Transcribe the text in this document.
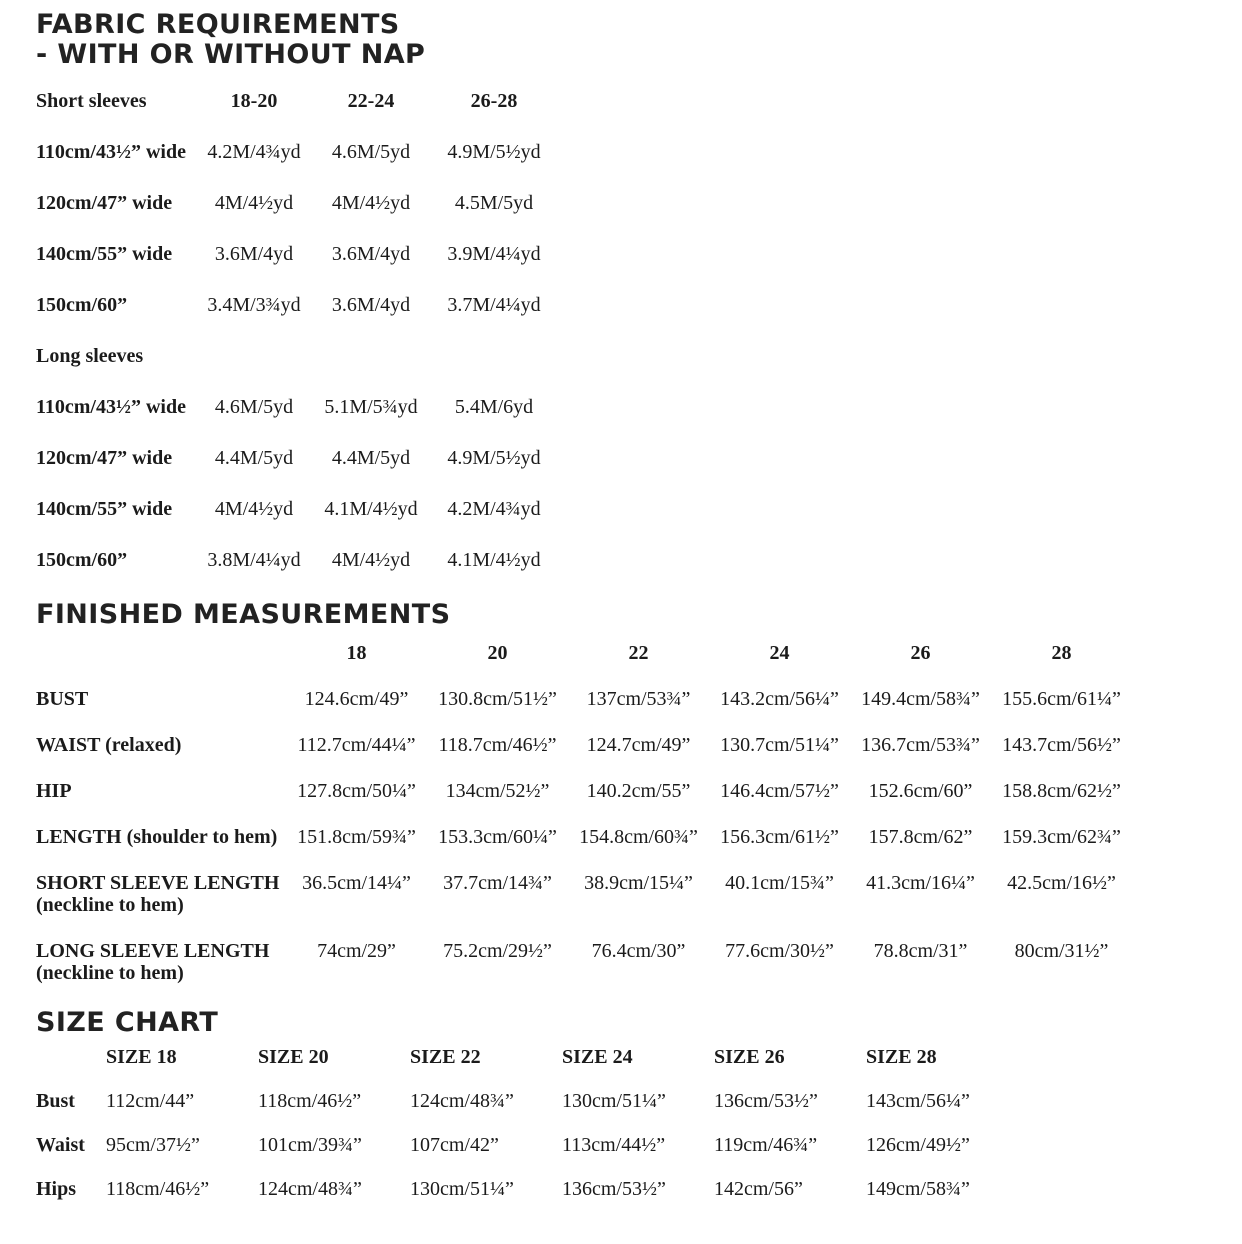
FABRIC REQUIREMENTS
- WITH OR WITHOUT NAP
Short sleeves	18-20	22-24	26-28
110cm/43½” wide	4.2M/4¾yd	4.6M/5yd	4.9M/5½yd
120cm/47” wide	4M/4½yd	4M/4½yd	4.5M/5yd
140cm/55” wide	3.6M/4yd	3.6M/4yd	3.9M/4¼yd
150cm/60”	3.4M/3¾yd	3.6M/4yd	3.7M/4¼yd
Long sleeves
110cm/43½” wide	4.6M/5yd	5.1M/5¾yd	5.4M/6yd
120cm/47” wide	4.4M/5yd	4.4M/5yd	4.9M/5½yd
140cm/55” wide	4M/4½yd	4.1M/4½yd	4.2M/4¾yd
150cm/60”	3.8M/4¼yd	4M/4½yd	4.1M/4½yd
FINISHED MEASUREMENTS
18	20	22	24	26	28
BUST	124.6cm/49”	130.8cm/51½”	137cm/53¾”	143.2cm/56¼”	149.4cm/58¾”	155.6cm/61¼”
WAIST (relaxed)	112.7cm/44¼”	118.7cm/46½”	124.7cm/49”	130.7cm/51¼”	136.7cm/53¾”	143.7cm/56½”
HIP	127.8cm/50¼”	134cm/52½”	140.2cm/55”	146.4cm/57½”	152.6cm/60”	158.8cm/62½”
LENGTH (shoulder to hem) 151.8cm/59¾”	153.3cm/60¼”	154.8cm/60¾”	156.3cm/61½”	157.8cm/62”	159.3cm/62¾”
SHORT SLEEVE LENGTH
(neckline to hem)
36.5cm/14¼”	37.7cm/14¾”	38.9cm/15¼”	40.1cm/15¾”	41.3cm/16¼”	42.5cm/16½”
LONG SLEEVE LENGTH
(neckline to hem)
74cm/29”	75.2cm/29½”	76.4cm/30”	77.6cm/30½”	78.8cm/31”	80cm/31½”
SIZE CHART
SIZE 18	SIZE 20	SIZE 22	SIZE 24	SIZE 26	SIZE 28
Bust	112cm/44”	118cm/46½”	124cm/48¾”	130cm/51¼”	136cm/53½”	143cm/56¼”
Waist	95cm/37½”	101cm/39¾”	107cm/42”	113cm/44½”	119cm/46¾”	126cm/49½”
Hips	118cm/46½”	124cm/48¾”	130cm/51¼”	136cm/53½”	142cm/56”	149cm/58¾”
